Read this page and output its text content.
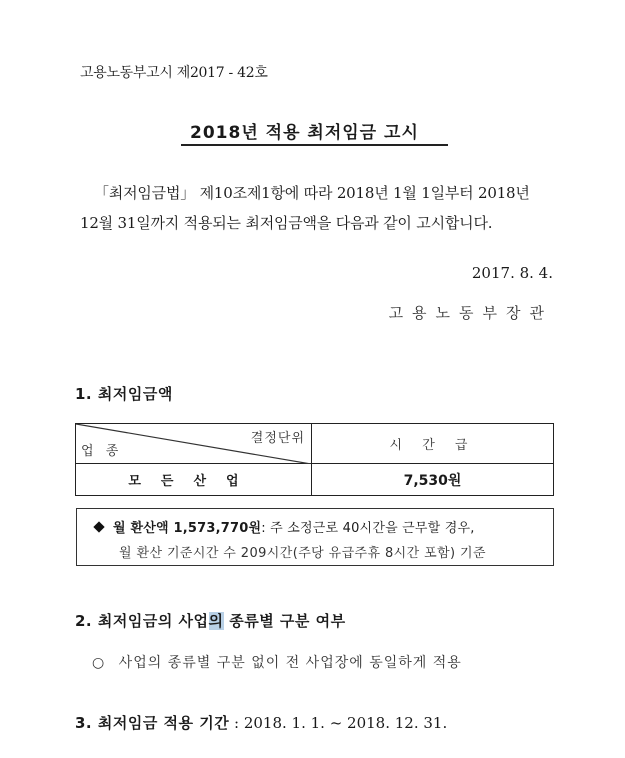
고용노동부고시 제2017 - 42호
2018년 적용 최저임금 고시
「최저임금법」 제10조제1항에 따라 2018년 1월 1일부터 2018년
12월 31일까지 적용되는 최저임금액을 다음과 같이 고시합니다.
2017. 8. 4.
고용노동부장관
1. 최저임금액
결정단위
업 종	시 간 급
모든산업	7,530원
월 환산액 1,573,770원: 주 소정근로 40시간을 근무할 경우,
월 환산 기준시간 수 209시간(주당 유급주휴 8시간 포함) 기준
2. 최저임금의 사업의 종류별 구분 여부
○ 사업의 종류별 구분 없이 전 사업장에 동일하게 적용
3. 최저임금 적용 기간 : 2018. 1. 1. ~ 2018. 12. 31.
